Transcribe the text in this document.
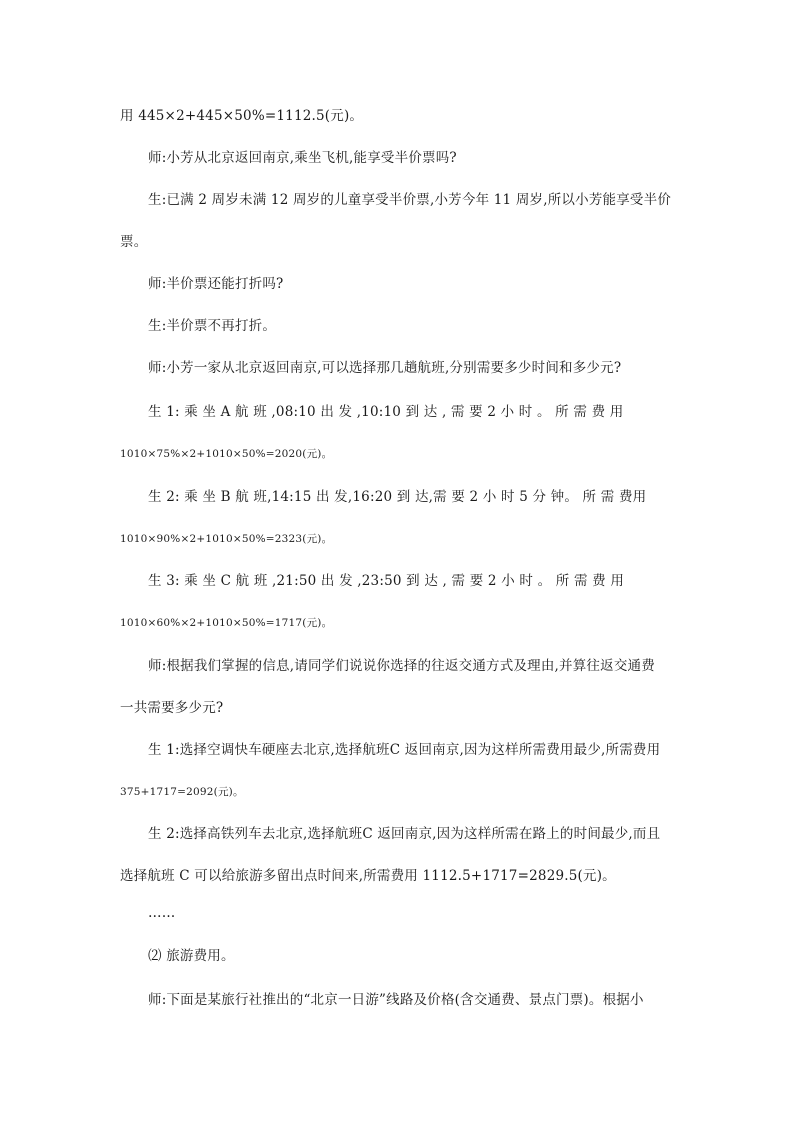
用 445×2+445×50%=1112.5(元)。
师:小芳从北京返回南京,乘坐飞机,能享受半价票吗?
生:已满 2 周岁未满 12 周岁的儿童享受半价票,小芳今年 11 周岁,所以小芳能享受半价
票。
师:半价票还能打折吗?
生:半价票不再打折。
师:小芳一家从北京返回南京,可以选择那几趟航班,分别需要多少时间和多少元?
生 1: 乘 坐 A 航 班 ,08:10 出 发 ,10:10 到 达 , 需 要 2 小 时 。 所 需 费 用
1010×75%×2+1010×50%=2020(元)。
生 2: 乘 坐 B 航 班,14:15 出 发,16:20 到 达,需 要 2 小 时 5 分 钟。 所 需 费用
1010×90%×2+1010×50%=2323(元)。
生 3: 乘 坐 C 航 班 ,21:50 出 发 ,23:50 到 达 , 需 要 2 小 时 。 所 需 费 用
1010×60%×2+1010×50%=1717(元)。
师:根据我们掌握的信息,请同学们说说你选择的往返交通方式及理由,并算往返交通费
一共需要多少元?
生 1:选择空调快车硬座去北京,选择航班C 返回南京,因为这样所需费用最少,所需费用
375+1717=2092(元)。
生 2:选择高铁列车去北京,选择航班C 返回南京,因为这样所需在路上的时间最少,而且
选择航班 C 可以给旅游多留出点时间来,所需费用 1112.5+1717=2829.5(元)。
……
⑵ 旅游费用。
师:下面是某旅行社推出的“北京一日游”线路及价格(含交通费、景点门票)。根据小
